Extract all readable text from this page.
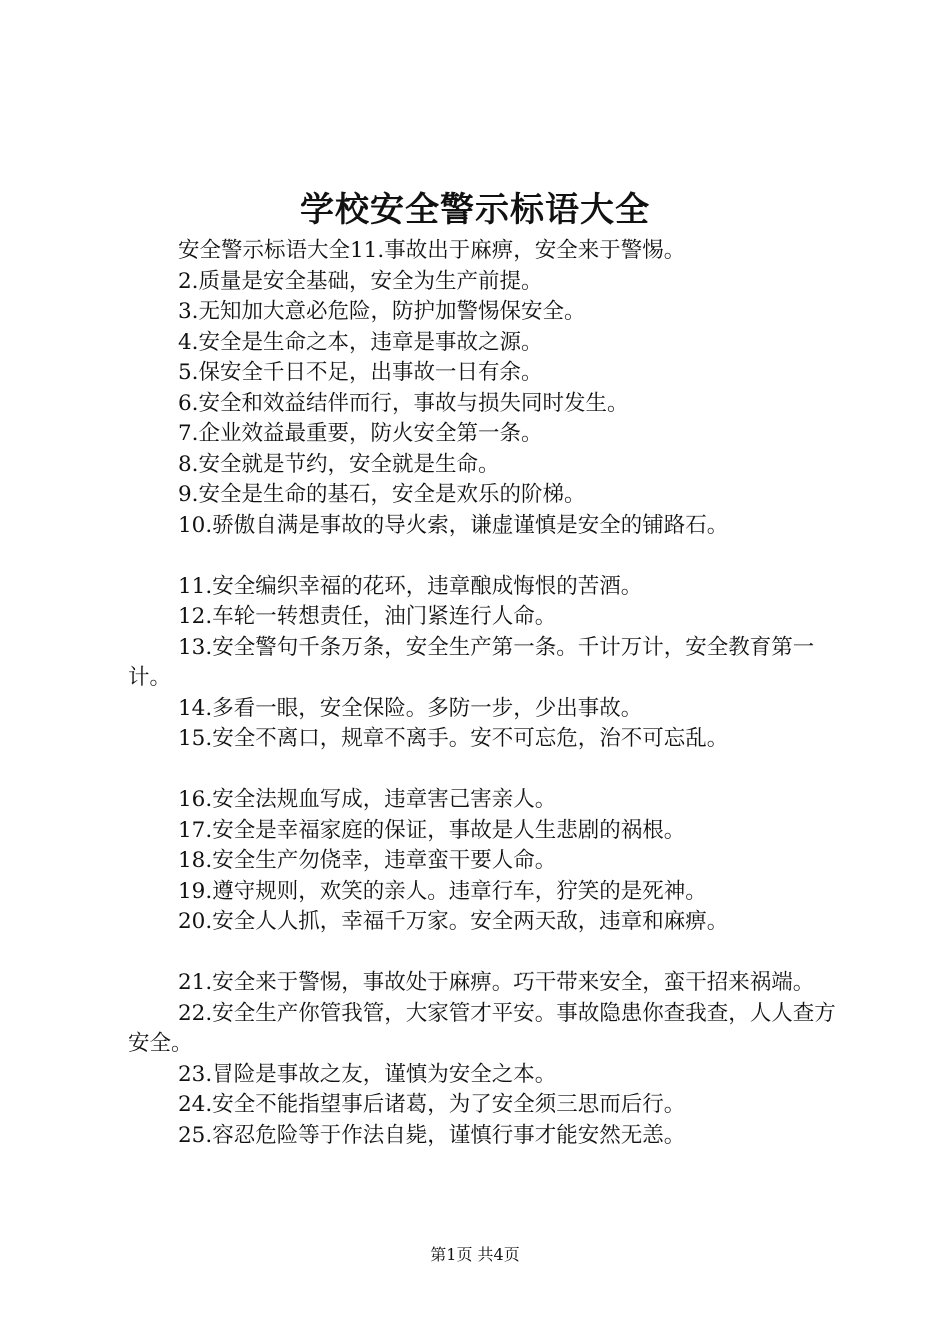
学校安全警示标语大全
安全警示标语大全11.事故出于麻痹，安全来于警惕。
2.质量是安全基础，安全为生产前提。
3.无知加大意必危险，防护加警惕保安全。
4.安全是生命之本，违章是事故之源。
5.保安全千日不足，出事故一日有余。
6.安全和效益结伴而行，事故与损失同时发生。
7.企业效益最重要，防火安全第一条。
8.安全就是节约，安全就是生命。
9.安全是生命的基石，安全是欢乐的阶梯。
10.骄傲自满是事故的导火索，谦虚谨慎是安全的铺路石。
11.安全编织幸福的花环，违章酿成悔恨的苦酒。
12.车轮一转想责任，油门紧连行人命。
13.安全警句千条万条，安全生产第一条。千计万计，安全教育第一计。
14.多看一眼，安全保险。多防一步，少出事故。
15.安全不离口，规章不离手。安不可忘危，治不可忘乱。
16.安全法规血写成，违章害己害亲人。
17.安全是幸福家庭的保证，事故是人生悲剧的祸根。
18.安全生产勿侥幸，违章蛮干要人命。
19.遵守规则，欢笑的亲人。违章行车，狞笑的是死神。
20.安全人人抓，幸福千万家。安全两天敌，违章和麻痹。
21.安全来于警惕，事故处于麻痹。巧干带来安全，蛮干招来祸端。
22.安全生产你管我管，大家管才平安。事故隐患你查我查，人人查方安全。
23.冒险是事故之友，谨慎为安全之本。
24.安全不能指望事后诸葛，为了安全须三思而后行。
25.容忍危险等于作法自毙，谨慎行事才能安然无恙。
第1页 共4页
